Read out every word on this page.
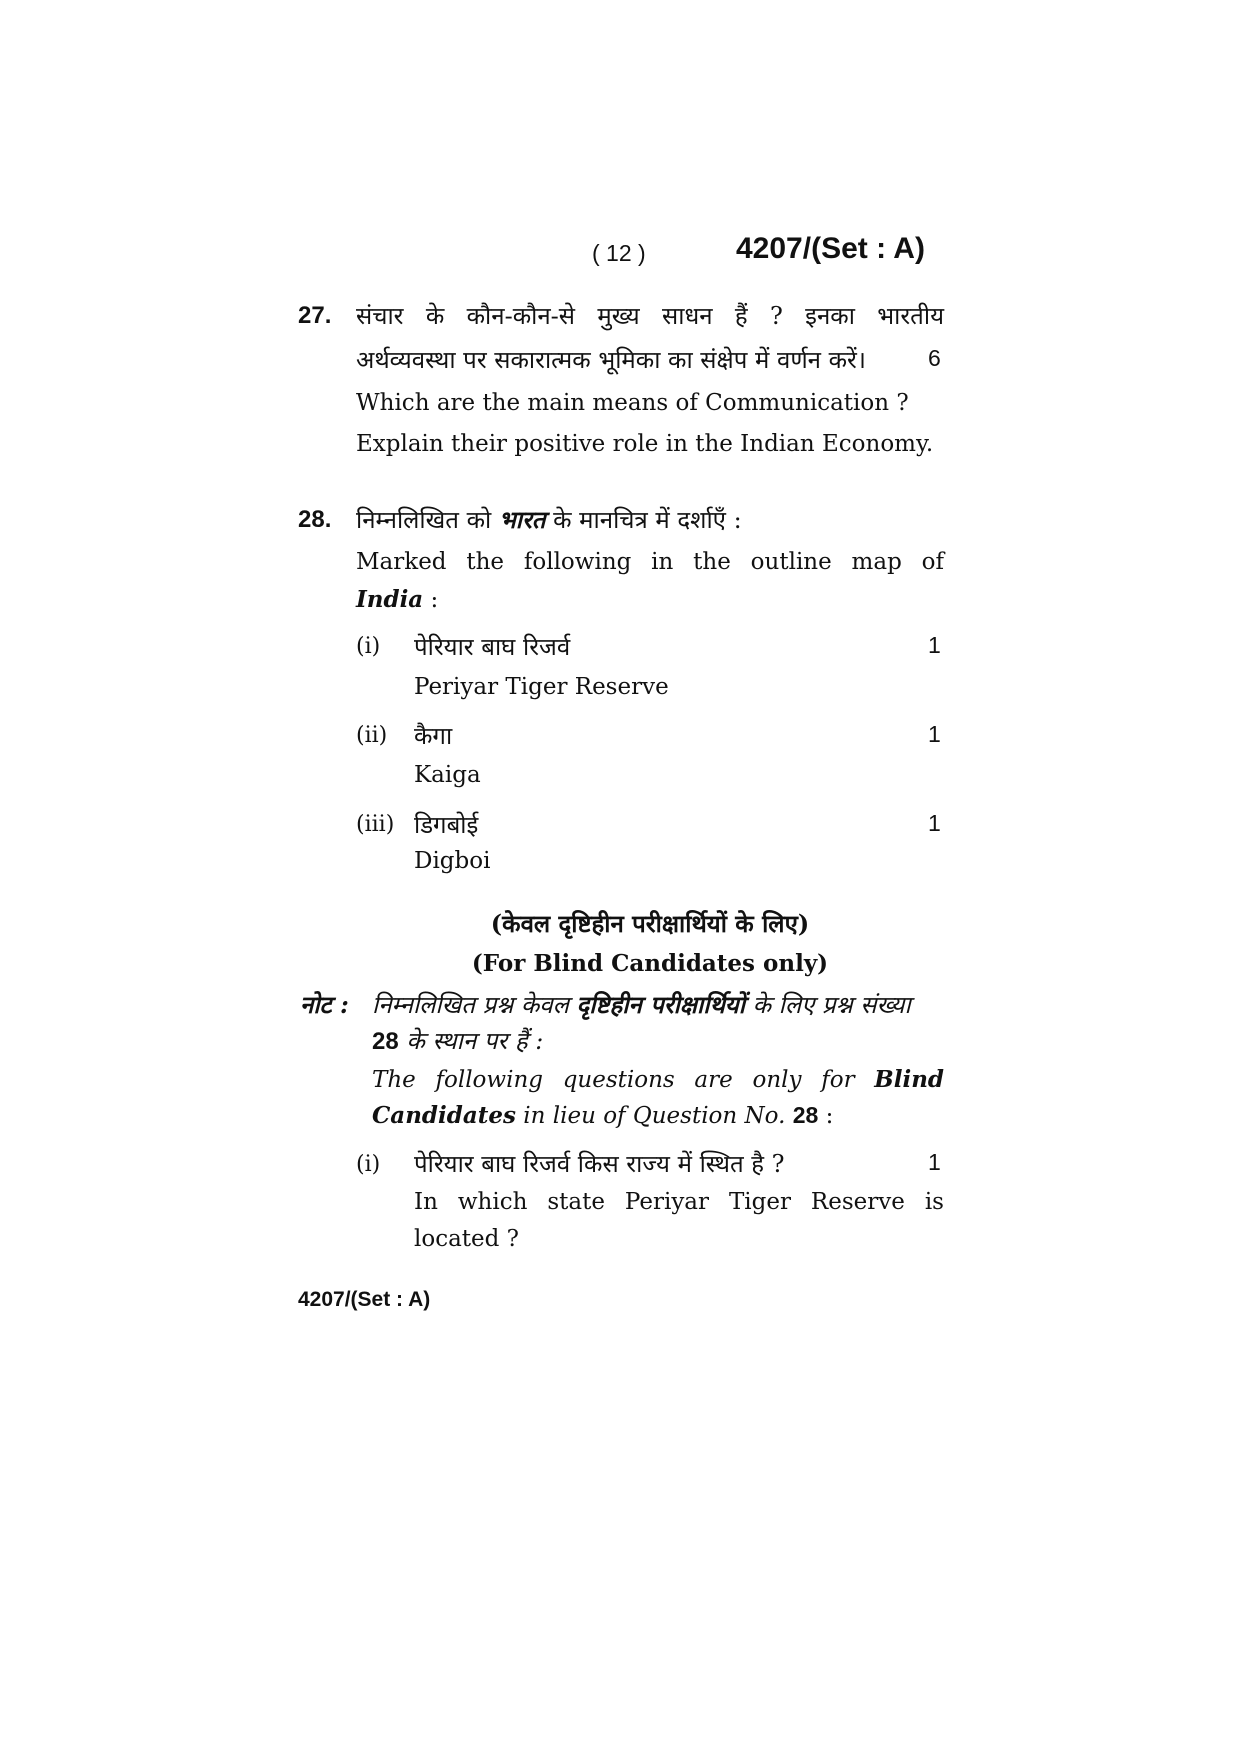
( 12 )	4207/(Set : A)
27. संचार के कौन-कौन-से मुख्य साधन हैं ? इनका भारतीय
अर्थव्यवस्था पर सकारात्मक भूमिका का संक्षेप में वर्णन करें।	6
Which are the main means of Communication ?
Explain their positive role in the Indian Economy.
28. निम्नलिखित को भारत के मानचित्र में दर्शाएँ :
Marked the following in the outline map of
India :
(i) पेरियार बाघ रिजर्व	1
Periyar Tiger Reserve
(ii) कैगा	1
Kaiga
(iii) डिगबोई	1
Digboi
(केवल दृष्टिहीन परीक्षार्थियों के लिए)
(For Blind Candidates only)
नोट : निम्नलिखित प्रश्न केवल दृष्टिहीन परीक्षार्थियों के लिए प्रश्न संख्या
28 के स्थान पर हैं :
The following questions are only for Blind
Candidates in lieu of Question No. 28 :
(i) पेरियार बाघ रिजर्व किस राज्य में स्थित है ?	1
In which state Periyar Tiger Reserve is
located ?
4207/(Set : A)
